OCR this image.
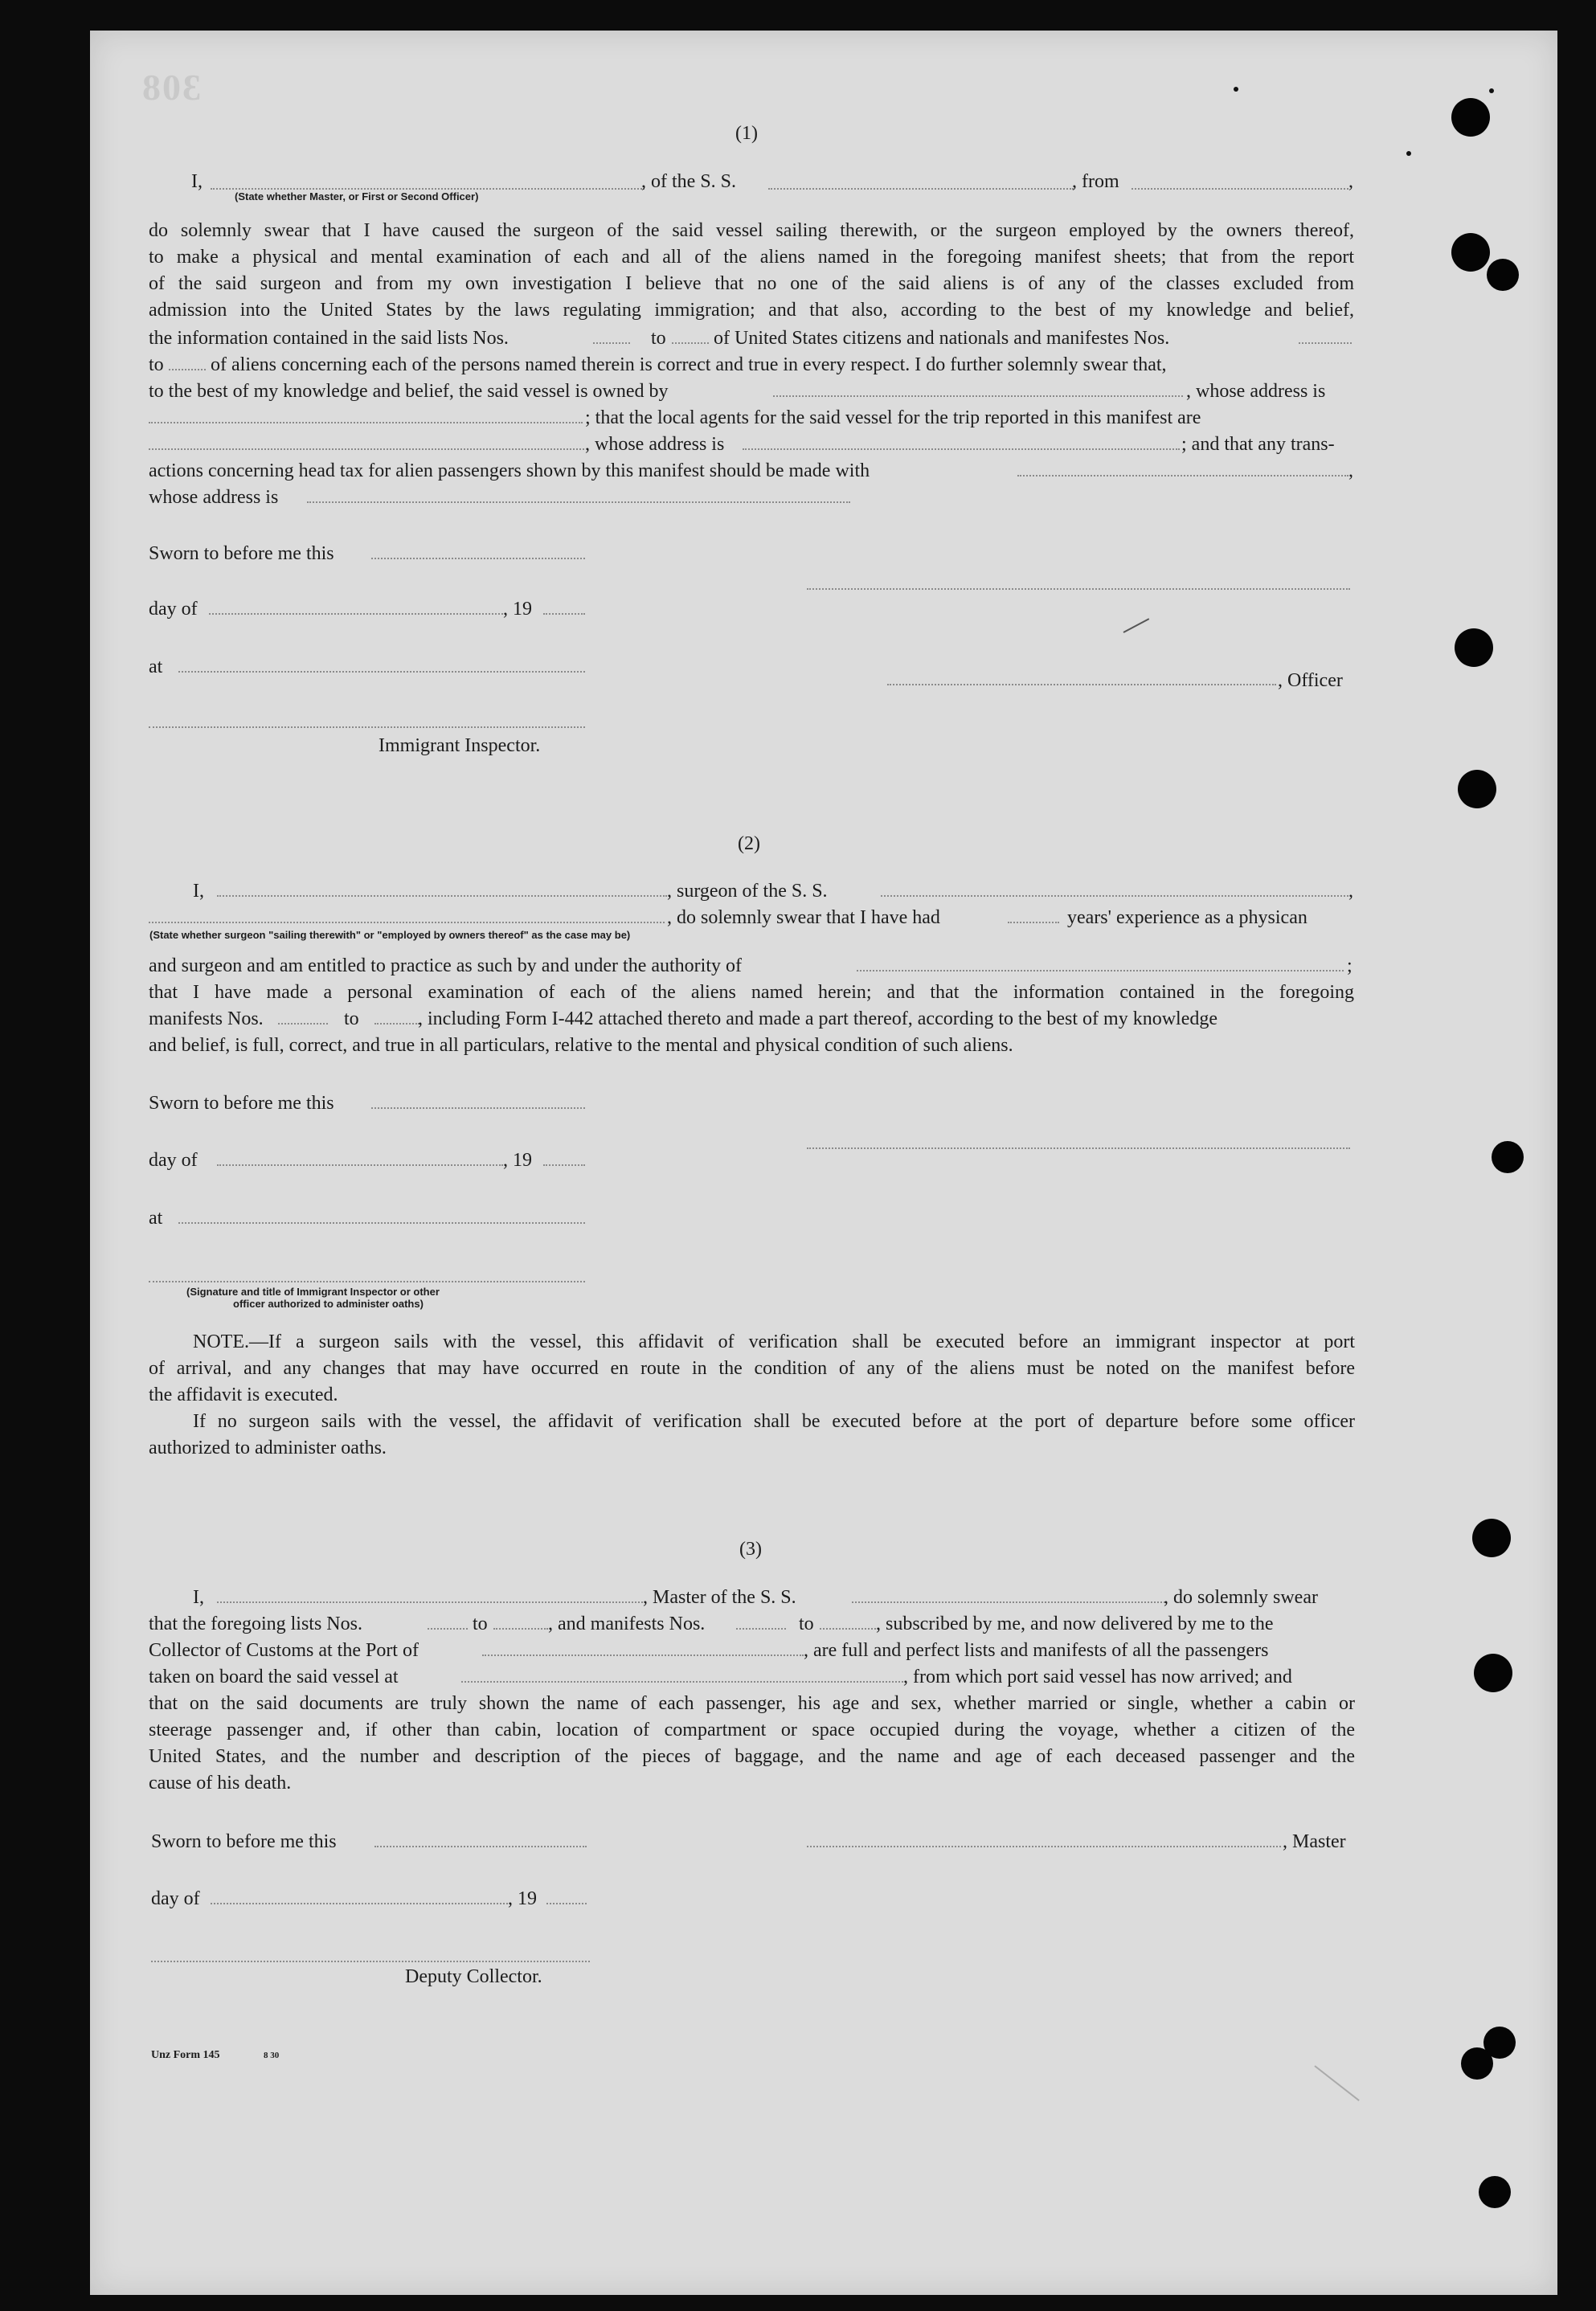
308
(1)
I,
(State whether Master, or First or Second Officer)
, of the S. S.	, from	,
do solemnly swear that I have caused the surgeon of the said vessel sailing therewith, or the surgeon employed by the owners thereof,
to make a physical and mental examination of each and all of the aliens named in the foregoing manifest sheets; that from the report
of the said surgeon and from my own investigation I believe that no one of the said aliens is of any of the classes excluded from
admission into the United States by the laws regulating immigration; and that also, according to the best of my knowledge and belief,
the information contained in the said lists Nos.	to of United States citizens and nationals and manifestes Nos.
to of aliens concerning each of the persons named therein is correct and true in every respect. I do further solemnly swear that,
to the best of my knowledge and belief, the said vessel is owned by	, whose address is
; that the local agents for the said vessel for the trip reported in this manifest are
, whose address is	; and that any trans-
actions concerning head tax for alien passengers shown by this manifest should be made with	,
whose address is
Sworn to before me this
day of	, 19
at
, Officer
Immigrant Inspector.
(2)
I,	, surgeon of the S. S.	,
, do solemnly swear that I have had	years' experience as a physican
(State whether surgeon "sailing therewith" or "employed by owners thereof" as the case may be)
and surgeon and am entitled to practice as such by and under the authority of	;
that I have made a personal examination of each of the aliens named herein; and that the information contained in the foregoing
manifests Nos.	to	, including Form I-442 attached thereto and made a part thereof, according to the best of my knowledge
and belief, is full, correct, and true in all particulars, relative to the mental and physical condition of such aliens.
Sworn to before me this
day of	, 19
at
(Signature and title of Immigrant Inspector or other
officer authorized to administer oaths)
NOTE.—If a surgeon sails with the vessel, this affidavit of verification shall be executed before an immigrant inspector at port
of arrival, and any changes that may have occurred en route in the condition of any of the aliens must be noted on the manifest before
the affidavit is executed.
If no surgeon sails with the vessel, the affidavit of verification shall be executed before at the port of departure before some officer
authorized to administer oaths.
(3)
I,	, Master of the S. S.	, do solemnly swear
that the foregoing lists Nos.	to	, and manifests Nos.	to	, subscribed by me, and now delivered by me to the
Collector of Customs at the Port of	, are full and perfect lists and manifests of all the passengers
taken on board the said vessel at	, from which port said vessel has now arrived; and
that on the said documents are truly shown the name of each passenger, his age and sex, whether married or single, whether a cabin or
steerage passenger and, if other than cabin, location of compartment or space occupied during the voyage, whether a citizen of the
United States, and the number and description of the pieces of baggage, and the name and age of each deceased passenger and the
cause of his death.
Sworn to before me this	, Master
day of	, 19
Deputy Collector.
Unz Form 145	8 30
